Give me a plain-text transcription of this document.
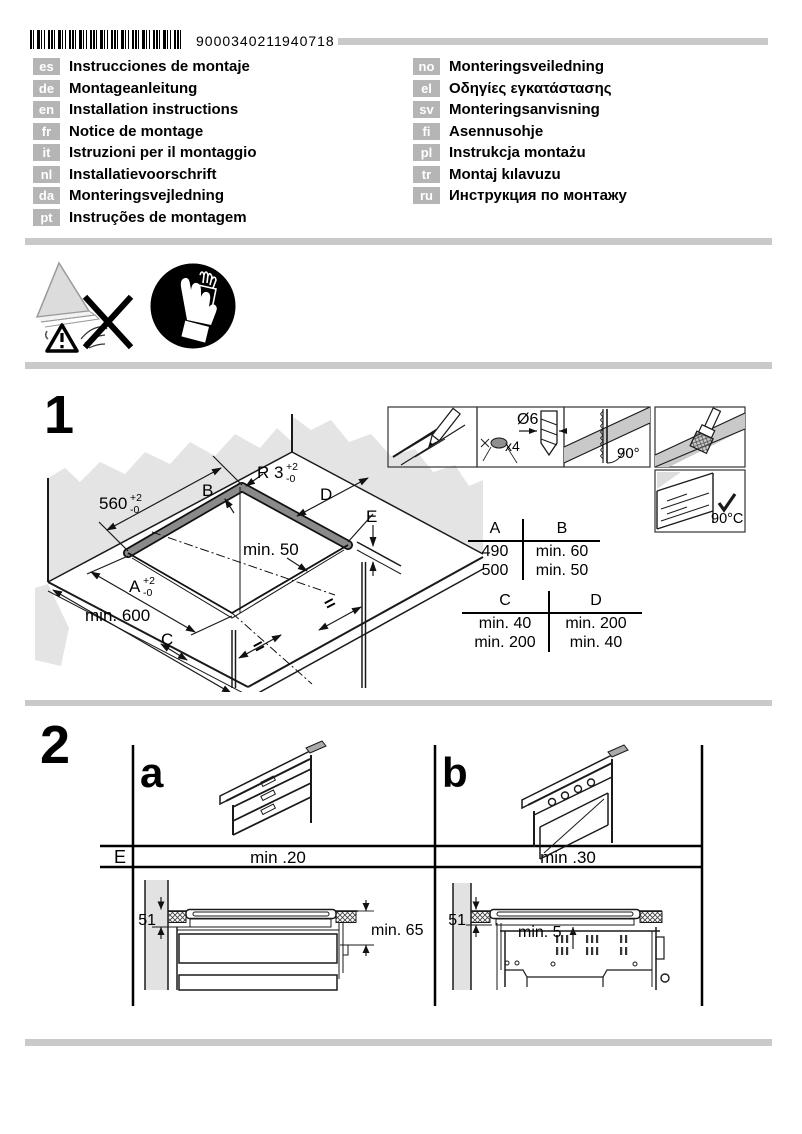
9000340211 940718
es	Instrucciones de montaje
de Montageanleitung
en Installation instructions
fr	Notice de montage
it	Istruzioni per il montaggio
nl	Installatievoorschrift
da Monteringsvejledning
pt	Instruções de montagem
no Monteringsveiledning
el	Οδηγίες εγκατάστασης
sv	Monteringsanvisning
fi	Asennusohje
pl	Instrukcja montażu
tr	Montaj kılavuzu
ru	Инструкция по монтажу
1
560 +2
-0
B
R 3 +2
-0
D
E
min. 50
A +2
-0
min. 600
C	=
=
x4
Ø6
90°
90°C
A	B
490	min. 60
500	min. 50
C	D
min. 40	min. 200
min. 200	min. 40
2 a	b
E	min .20	min .30
51
min. 65
51
min. 5
